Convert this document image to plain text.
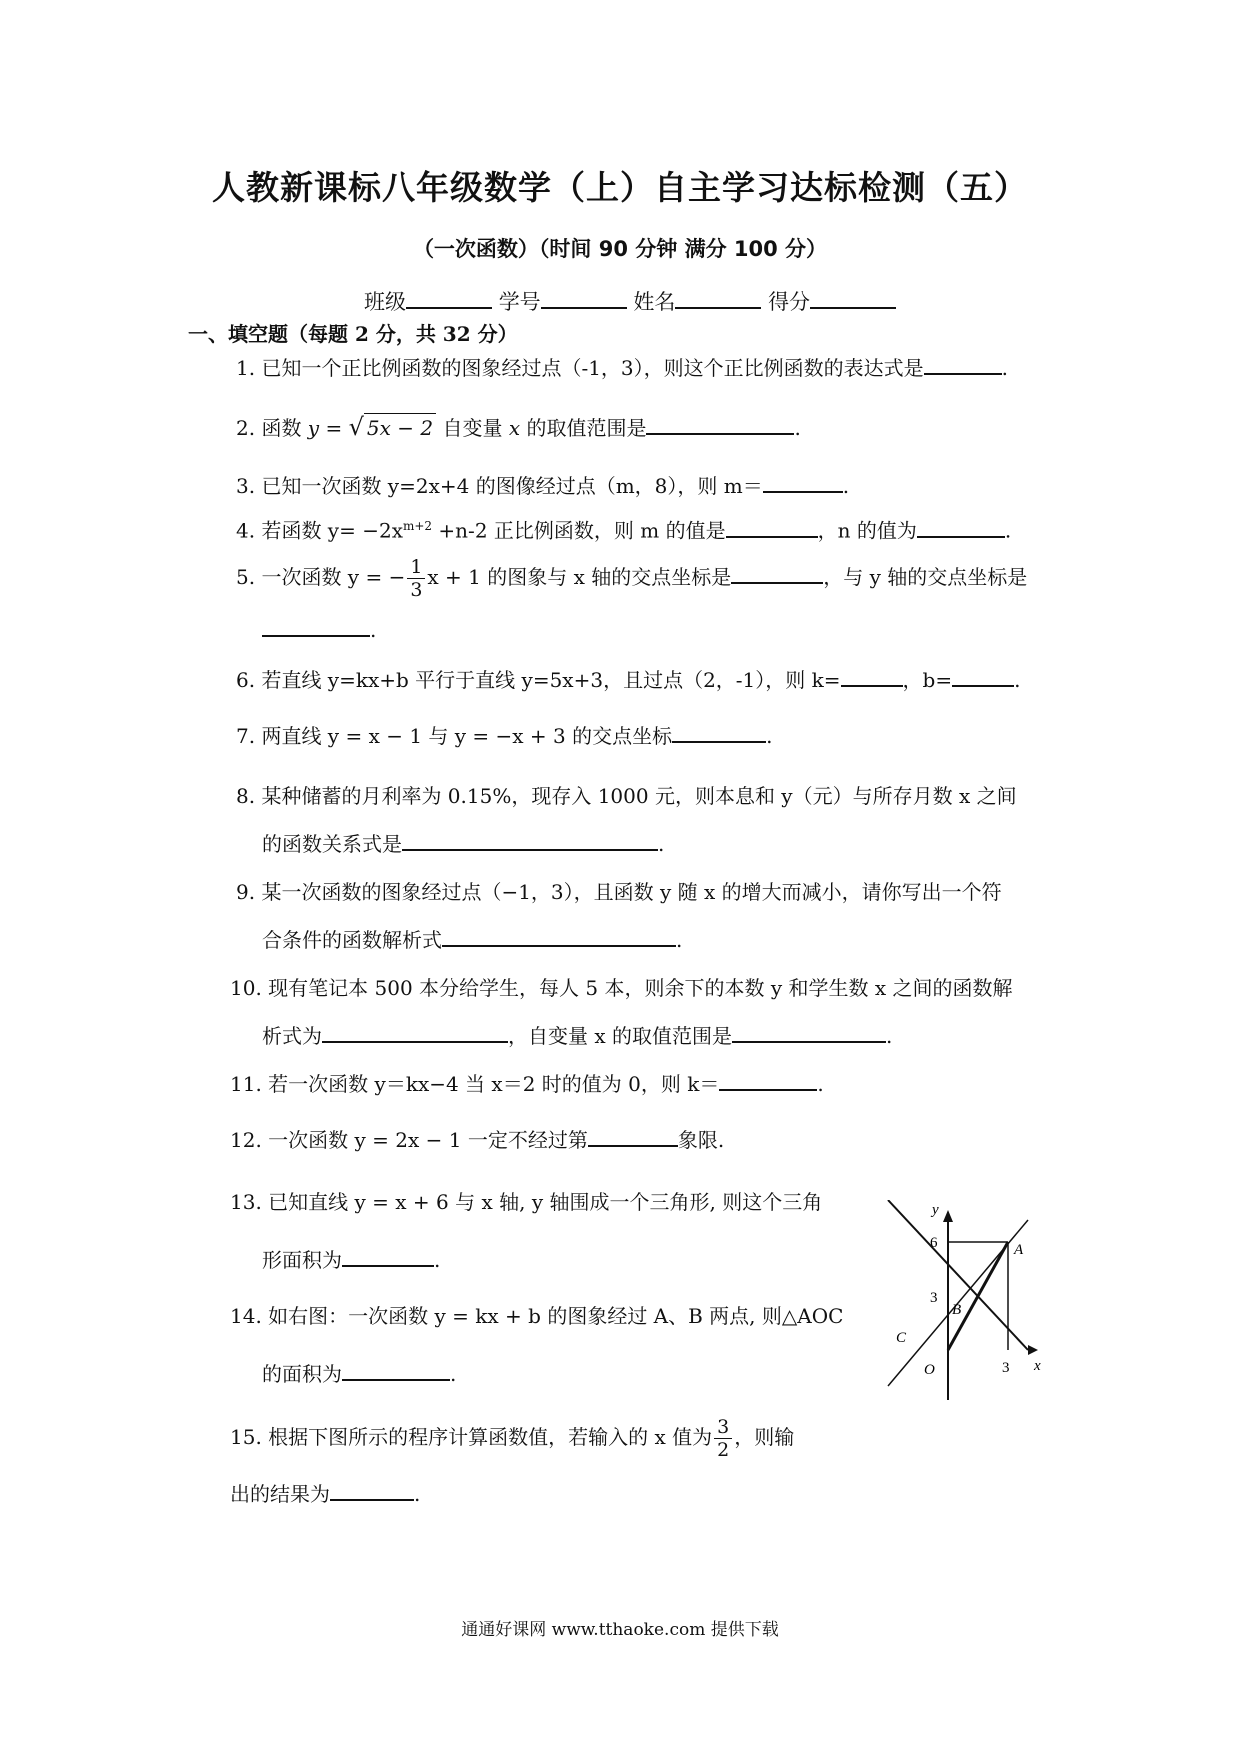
人教新课标八年级数学（上）自主学习达标检测（五）
（一次函数）（时间 90 分钟 满分 100 分）
班级	学号	姓名	得分
一、填空题（每题 2 分，共 32 分）
1. 已知一个正比例函数的图象经过点（-1，3），则这个正比例函数的表达式是	.
2. 函数 y = √ 5x − 2 自变量 x 的取值范围是	.
3. 已知一次函数 y=2x+4 的图像经过点（m，8），则 m＝	.
4. 若函数 $y= -2x^{m+2} +n-2$ 正比例函数，则 m 的值是	，n 的值为	.
5. 一次函数 y = − $\frac{1}{3}$ x + 1 的图象与 x 轴的交点坐标是	，与 y 轴的交点坐标是
.
6. 若直线 y=kx+b 平行于直线 y=5x+3，且过点（2，-1），则 k=	，b=	.
7. 两直线 y = x − 1 与 y = −x + 3 的交点坐标	.
8. 某种储蓄的月利率为 0.15%，现存入 1000 元，则本息和 y（元）与所存月数 x 之间
的函数关系式是	.
9. 某一次函数的图象经过点（−1，3），且函数 y 随 x 的增大而减小，请你写出一个符
合条件的函数解析式	.
10. 现有笔记本 500 本分给学生，每人 5 本，则余下的本数 y 和学生数 x 之间的函数解
析式为	，自变量 x 的取值范围是	.
11. 若一次函数 y＝kx−4 当 x＝2 时的值为 0，则 k＝	.
12. 一次函数 y = 2x − 1 一定不经过第	象限.
13. 已知直线 y = x + 6 与 x 轴, y 轴围成一个三角形, 则这个三角
形面积为	.
14. 如右图：一次函数 y = kx + b 的图象经过 A、B 两点, 则△AOC
的面积为	.
15. 根据下图所示的程序计算函数值，若输入的 x 值为 $\frac{3}{2}$ ，则输
出的结果为	.
y
x
6
3
3
A
B
C
O
通通好课网 www.tthaoke.com 提供下载
